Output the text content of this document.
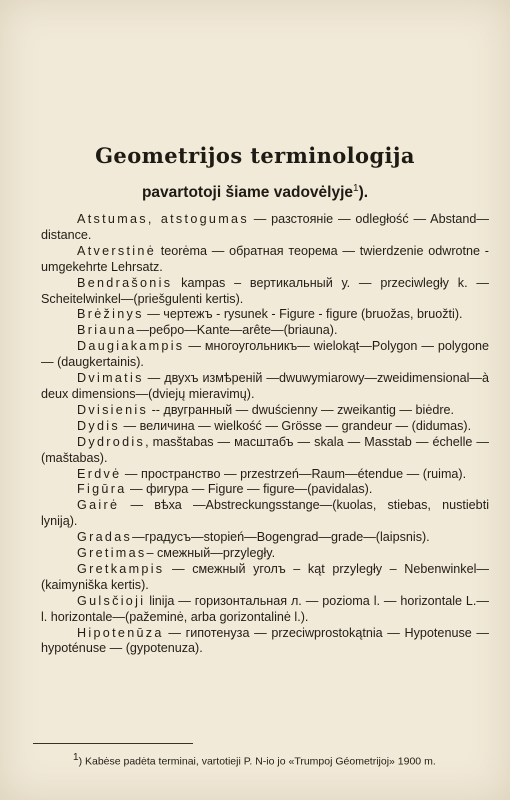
Geometrijos terminologija
pavartotoji šiame vadovėlyje$^1$).

Atstumas, atstogumas — разстояніе — odległość — Abstand—distance.

Atverstinė teorėma — обратная теорема — twierdzenie odwrotne - umgekehrte Lehrsatz.

Bendrašonis kampas – вертикальный у. — przeciwległy k. — Scheitelwinkel—(priešgulenti kertis).

Brėžinys — чертежъ - rysunek - Figure - figure (bruožas, bruožti).

Briauna—ребро—Kante—arête—(briauna).

Daugiakampis — многоугольникъ— wielokąt—Polygon — polygone — (daugkertainis).

Dvimatis — двухъ измѣреній —dwuwymiarowy—zweidimensional—à deux dimensions—(dviejų mieravimų).

Dvisienis -- двугранный — dwuścienny — zweikantig — biėdre.

Dydis — величина — wielkość — Grösse — grandeur — (didumas).

Dydrodis, masštabas — масштабъ — skala — Masstab — échelle — (maštabas).

Erdvė — пространство — przestrzeń—Raum—étendue — (ruima).

Figūra — фигура — Figure — figure—(pavidalas).

Gairė — вѣха —Abstreckungsstange—(kuolas, stiebas, nustiebti lyniją).

Gradas—градусъ—stopień—Bogengrad—grade—(laipsnis).

Gretimas– смежный—przyległy.

Gretkampis — смежный уголъ – kąt przyległy – Nebenwinkel—(kaimyniška kertis).

Gulsčioji linija — горизонтальная л. — pozioma l. — horizontale L.—l. horizontale—(pažeminė, arba gorizontalinė l.).

Hipotenūza — гипотенуза — przeciwprostokątnia — Hypotenuse — hypoténuse — (gypotenuza).

1) Kabėse padėta terminai, vartotieji P. N-io jo «Trumpoj Géometrijoj» 1900 m.
